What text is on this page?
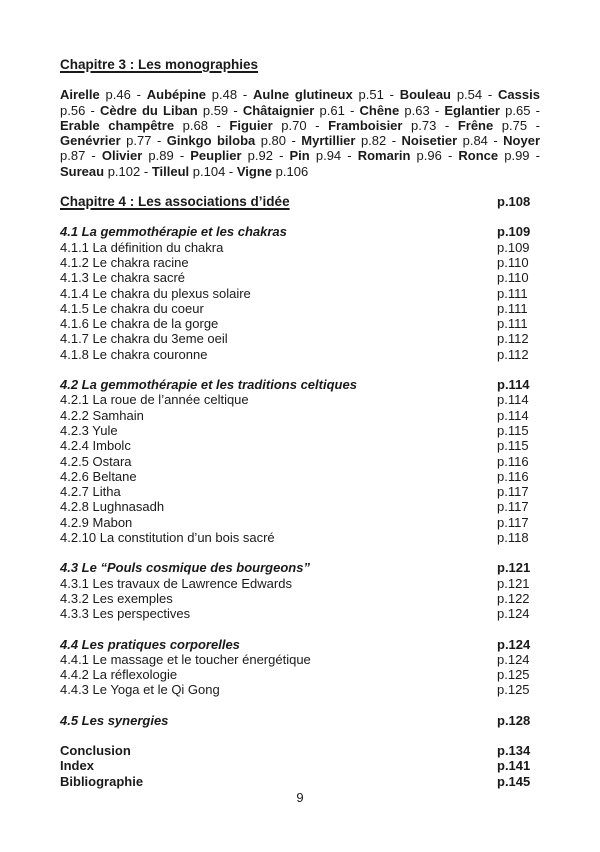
Chapitre 3 : Les monographies

Airelle p.46 - Aubépine p.48 - Aulne glutineux p.51 - Bouleau p.54 - Cassis p.56 - Cèdre du Liban p.59 - Châtaignier p.61 - Chêne p.63 - Eglantier p.65 - Erable champêtre p.68 - Figuier p.70 - Framboisier p.73 - Frêne p.75 - Genévrier p.77 - Ginkgo biloba p.80 - Myrtillier p.82 - Noisetier p.84 - Noyer p.87 - Olivier p.89 - Peuplier p.92 - Pin p.94 - Romarin p.96 - Ronce p.99 - Sureau p.102 - Tilleul p.104 - Vigne p.106

Chapitre 4 : Les associations d’idée	p.108
4.1 La gemmothérapie et les chakras	p.109
4.1.1 La définition du chakra	p.109
4.1.2 Le chakra racine	p.110
4.1.3 Le chakra sacré	p.110
4.1.4 Le chakra du plexus solaire	p.111
4.1.5 Le chakra du coeur	p.111
4.1.6 Le chakra de la gorge	p.111
4.1.7 Le chakra du 3eme oeil	p.112
4.1.8 Le chakra couronne	p.112
4.2 La gemmothérapie et les traditions celtiques	p.114
4.2.1 La roue de l’année celtique	p.114
4.2.2 Samhain	p.114
4.2.3 Yule	p.115
4.2.4 Imbolc	p.115
4.2.5 Ostara	p.116
4.2.6 Beltane	p.116
4.2.7 Litha	p.117
4.2.8 Lughnasadh	p.117
4.2.9 Mabon	p.117
4.2.10 La constitution d’un bois sacré	p.118
4.3 Le “Pouls cosmique des bourgeons”	p.121
4.3.1 Les travaux de Lawrence Edwards	p.121
4.3.2 Les exemples	p.122
4.3.3 Les perspectives	p.124
4.4 Les pratiques corporelles	p.124
4.4.1 Le massage et le toucher énergétique	p.124
4.4.2 La réflexologie	p.125
4.4.3 Le Yoga et le Qi Gong	p.125
4.5 Les synergies	p.128
Conclusion	p.134
Index	p.141
Bibliographie	p.145
9
